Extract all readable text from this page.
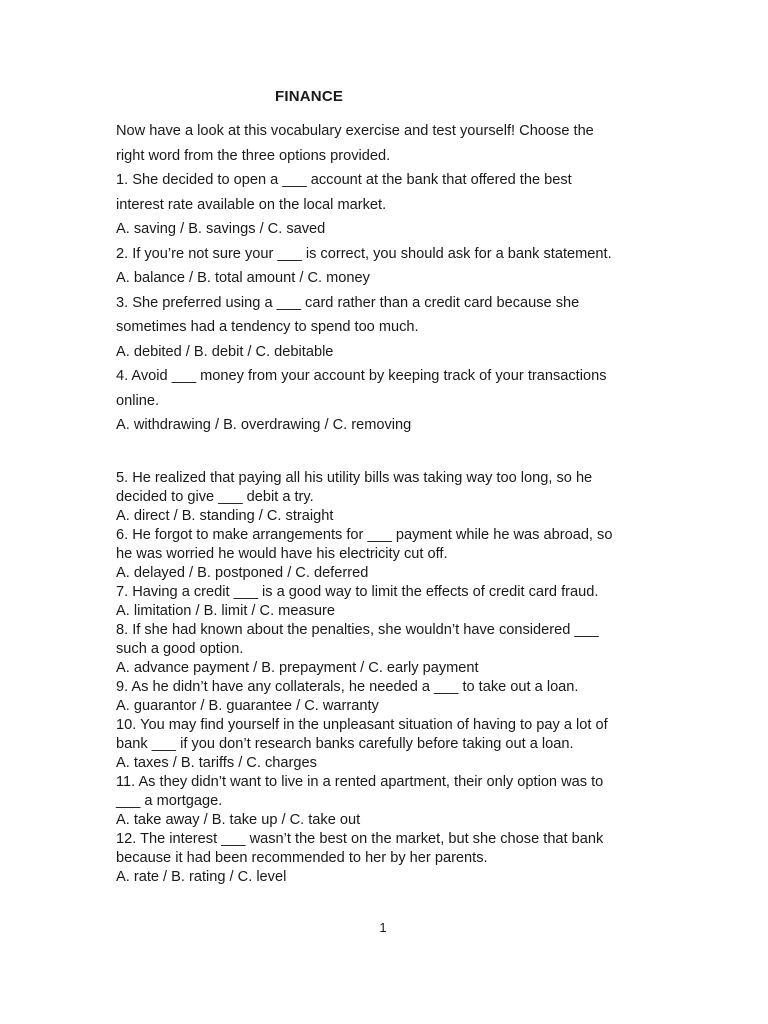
FINANCE
Now have a look at this vocabulary exercise and test yourself! Choose the
right word from the three options provided.
1. She decided to open a ___ account at the bank that offered the best
interest rate available on the local market.
A. saving / B. savings / C. saved
2. If you’re not sure your ___ is correct, you should ask for a bank statement.
A. balance / B. total amount / C. money
3. She preferred using a ___ card rather than a credit card because she
sometimes had a tendency to spend too much.
A. debited / B. debit / C. debitable
4. Avoid ___ money from your account by keeping track of your transactions
online.
A. withdrawing / B. overdrawing / C. removing
5. He realized that paying all his utility bills was taking way too long, so he
decided to give ___ debit a try.
A. direct / B. standing / C. straight
6. He forgot to make arrangements for ___ payment while he was abroad, so
he was worried he would have his electricity cut off.
A. delayed / B. postponed / C. deferred
7. Having a credit ___ is a good way to limit the effects of credit card fraud.
A. limitation / B. limit / C. measure
8. If she had known about the penalties, she wouldn’t have considered ___
such a good option.
A. advance payment / B. prepayment / C. early payment
9. As he didn’t have any collaterals, he needed a ___ to take out a loan.
A. guarantor / B. guarantee / C. warranty
10. You may find yourself in the unpleasant situation of having to pay a lot of
bank ___ if you don’t research banks carefully before taking out a loan.
A. taxes / B. tariffs / C. charges
11. As they didn’t want to live in a rented apartment, their only option was to
___ a mortgage.
A. take away / B. take up / C. take out
12. The interest ___ wasn’t the best on the market, but she chose that bank
because it had been recommended to her by her parents.
A. rate / B. rating / C. level
1
